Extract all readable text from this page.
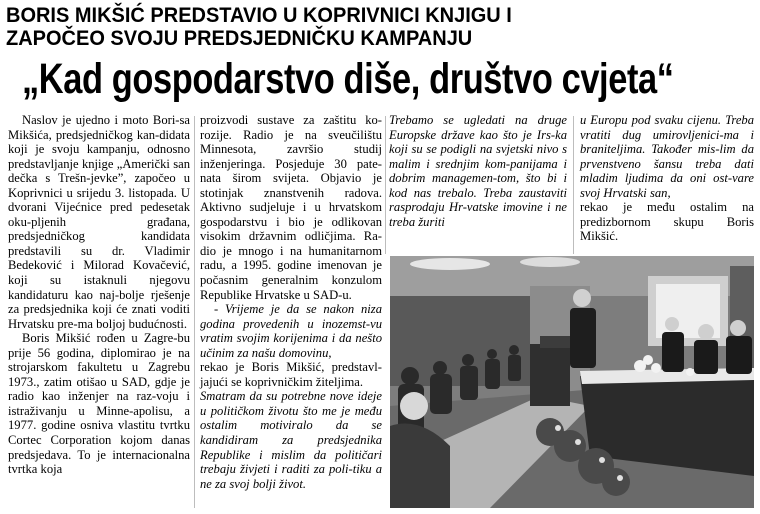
BORIS MIKŠIĆ PREDSTAVIO U KOPRIVNICI KNJIGU I
ZAPOČEO SVOJU PREDSJEDNIČKU KAMPANJU
„Kad gospodarstvo diše, društvo cvjeta“

Naslov je ujedno i moto Bori-sa Mikšića, predsjedničkog kan-didata koji je svoju kampanju, odnosno predstavljanje knjige „Američki san dečka s Trešn-jevke”, započeo u Koprivnici u srijedu 3. listopada. U dvorani Vijećnice pred pedesetak oku-pljenih građana, predsjedničkog kandidata predstavili su dr. Vladimir Bedeković i Milorad Kovačević, koji su istaknuli njegovu kandidaturu kao naj-bolje rješenje za predsjednika koji će znati voditi Hrvatsku pre-ma boljoj budućnosti.

Boris Mikšić rođen u Zagre-bu prije 56 godina, diplomirao je na strojarskom fakultetu u Zagrebu 1973., zatim otišao u SAD, gdje je radio kao inženjer na raz-voju i istraživanju u Minne-apolisu, a 1977. godine osniva vlastitu tvrtku Cortec Corporation kojom danas predsjedava. To je internacionalna tvrtka koja

proizvodi sustave za zaštitu ko-rozije. Radio je na sveučilištu Minnesota, završio studij inženjeringa. Posjeduje 30 pate-nata širom svijeta. Objavio je stotinjak znanstvenih radova. Aktivno sudjeluje i u hrvatskom gospodarstvu i bio je odlikovan visokim državnim odličjima. Ra-dio je mnogo i na humanitarnom radu, a 1995. godine imenovan je počasnim generalnim konzulom Republike Hrvatske u SAD-u.

- Vrijeme je da se nakon niza godina provedenih u inozemst-vu vratim svojim korijenima i da nešto učinim za našu domovinu,

rekao je Boris Mikšić, predstavl-jajući se koprivničkim žiteljima.

Smatram da su potrebne nove ideje u političkom životu što me je među ostalim motiviralo da se kandidiram za predsjednika Republike i mislim da političari trebaju živjeti i raditi za poli-tiku a ne za svoj bolji život.

Trebamo se ugledati na druge Europske države kao što je Irs-ka koji su se podigli na svjetski nivo s malim i srednjim kom-panijama i dobrim managemen-tom, što bi i kod nas trebalo. Treba zaustaviti rasprodaju Hr-vatske imovine i ne treba žuriti

u Europu pod svaku cijenu. Treba vratiti dug umirovljenici-ma i braniteljima. Također mis-lim da prvenstveno šansu treba dati mladim ljudima da oni ost-vare svoj Hrvatski san,

rekao je među ostalim na predizbornom skupu Boris Mikšić.
